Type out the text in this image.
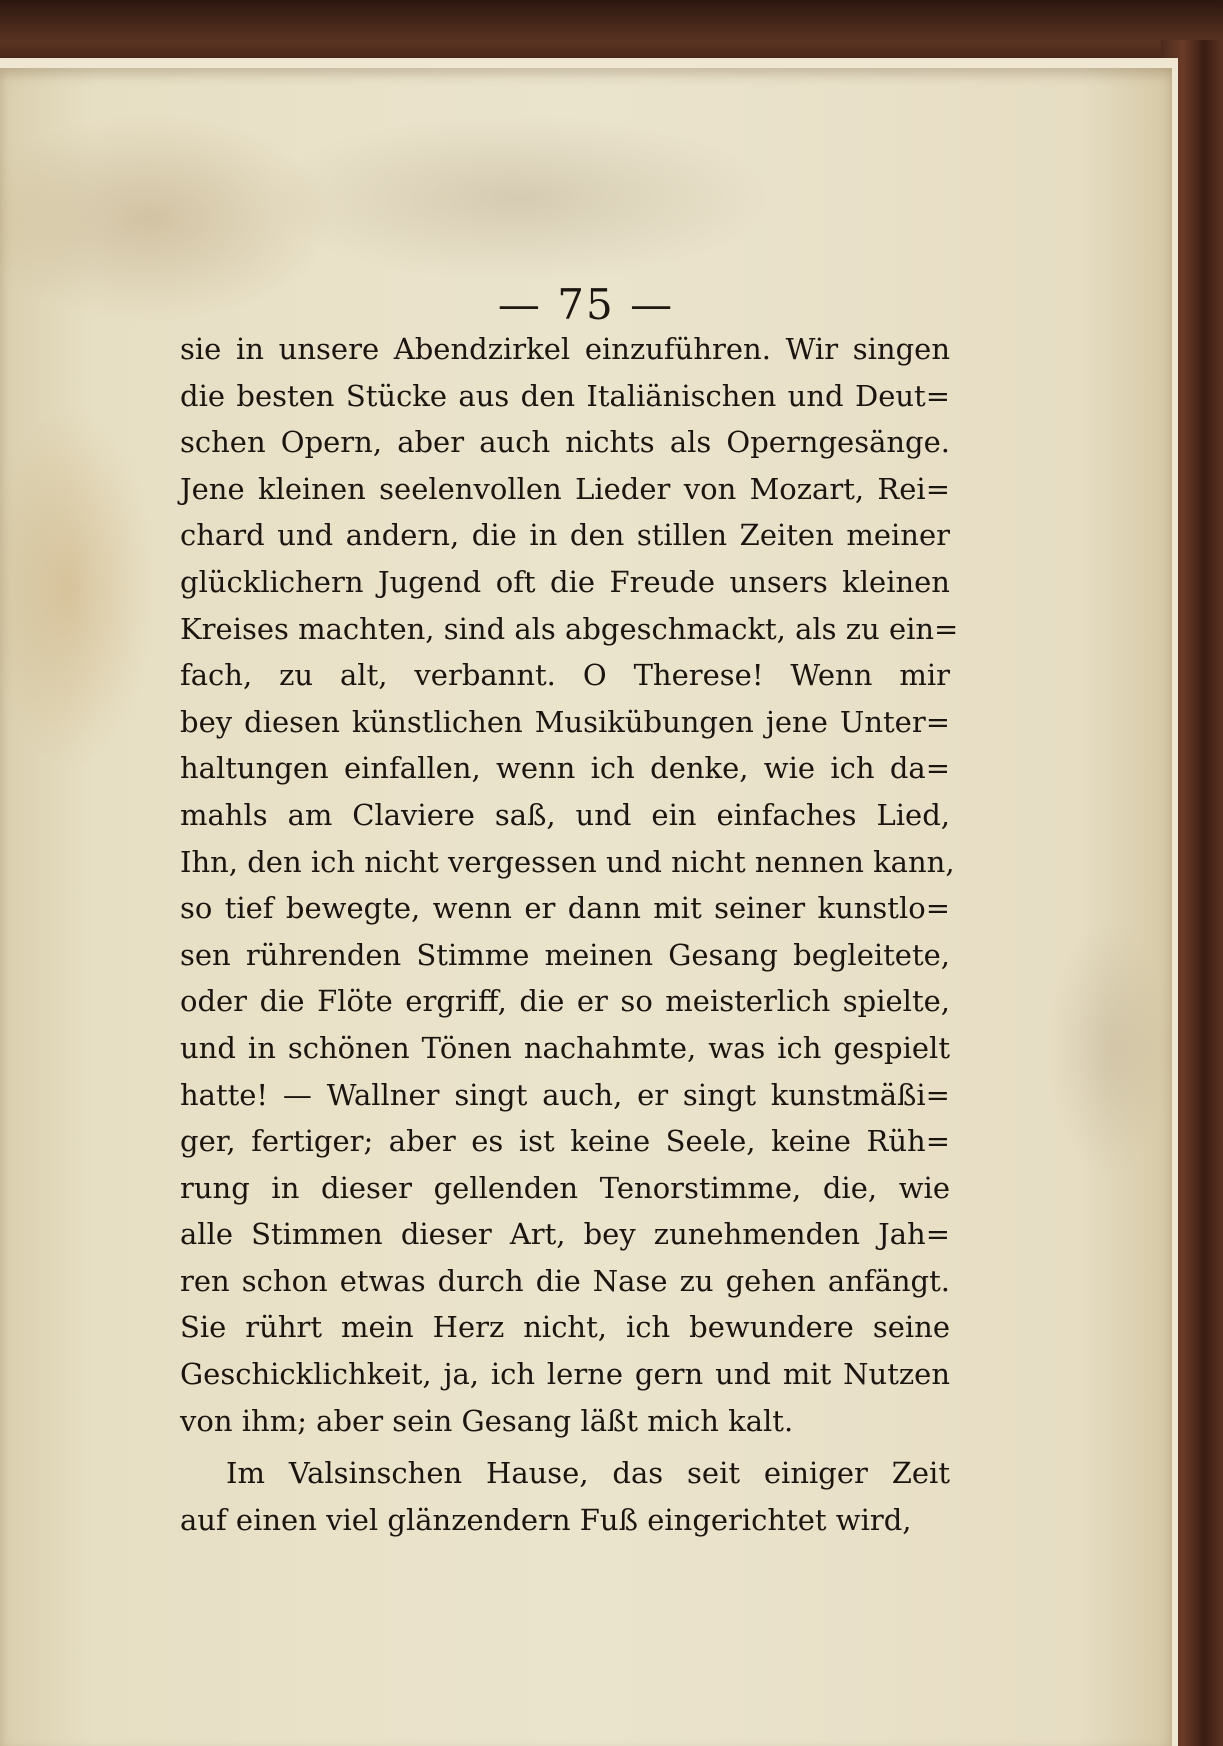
— 75 —
sie in unsere Abendzirkel einzuführen. Wir singen
die besten Stücke aus den Italiänischen und Deut=
schen Opern, aber auch nichts als Operngesänge.
Jene kleinen seelenvollen Lieder von Mozart, Rei=
chard und andern, die in den stillen Zeiten meiner
glücklichern Jugend oft die Freude unsers kleinen
Kreises machten, sind als abgeschmackt, als zu ein=
fach, zu alt, verbannt. O Therese! Wenn mir
bey diesen künstlichen Musikübungen jene Unter=
haltungen einfallen, wenn ich denke, wie ich da=
mahls am Claviere saß, und ein einfaches Lied,
Ihn, den ich nicht vergessen und nicht nennen kann,
so tief bewegte, wenn er dann mit seiner kunstlo=
sen rührenden Stimme meinen Gesang begleitete,
oder die Flöte ergriff, die er so meisterlich spielte,
und in schönen Tönen nachahmte, was ich gespielt
hatte! — Wallner singt auch, er singt kunstmäßi=
ger, fertiger; aber es ist keine Seele, keine Rüh=
rung in dieser gellenden Tenorstimme, die, wie
alle Stimmen dieser Art, bey zunehmenden Jah=
ren schon etwas durch die Nase zu gehen anfängt.
Sie rührt mein Herz nicht, ich bewundere seine
Geschicklichkeit, ja, ich lerne gern und mit Nutzen
von ihm; aber sein Gesang läßt mich kalt.
Im Valsinschen Hause, das seit einiger Zeit
auf einen viel glänzendern Fuß eingerichtet wird,
